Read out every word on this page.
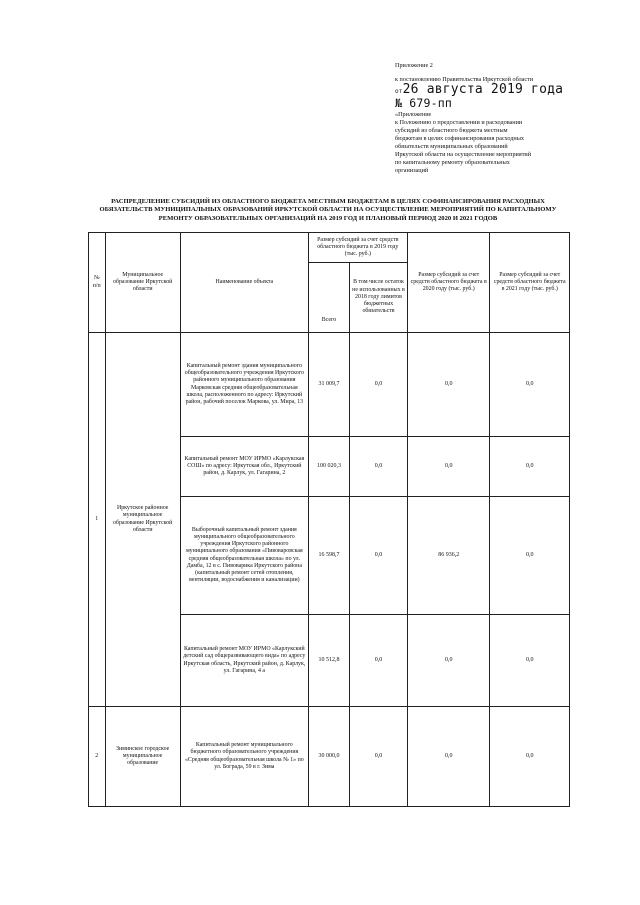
Приложение 2
к постановлению Правительства Иркутской области
от26 августа 2019 года
№ 679-пп
«Приложение
к Положению о предоставлении и расходовании
субсидий из областного бюджета местным
бюджетам в целях софинансирования расходных
обязательств муниципальных образований
Иркутской области на осуществление мероприятий
по капитальному ремонту образовательных
организаций
РАСПРЕДЕЛЕНИЕ СУБСИДИЙ ИЗ ОБЛАСТНОГО БЮДЖЕТА МЕСТНЫМ БЮДЖЕТАМ В ЦЕЛЯХ СОФИНАНСИРОВАНИЯ РАСХОДНЫХ
ОБЯЗАТЕЛЬСТВ МУНИЦИПАЛЬНЫХ ОБРАЗОВАНИЙ ИРКУТСКОЙ ОБЛАСТИ НА ОСУЩЕСТВЛЕНИЕ МЕРОПРИЯТИЙ ПО КАПИТАЛЬНОМУ
РЕМОНТУ ОБРАЗОВАТЕЛЬНЫХ ОРГАНИЗАЦИЙ НА 2019 ГОД И ПЛАНОВЫЙ ПЕРИОД 2020 И 2021 ГОДОВ
№ п/п	Муниципальное образование Иркутской области	Наименование объекта	Размер субсидий за счет средств областного бюджета в 2019 году (тыс. руб.)		Размер субсидий за счет средств областного бюджета в 2020 году (тыс. руб.)	Размер субсидий за счет средств областного бюджета в 2021 году (тыс. руб.)
			Всего	В том числе остаток не использованных в 2018 году лимитов бюджетных обязательств		
1	Иркутское районное муниципальное образование Иркутской области	Капитальный ремонт здания муниципального общеобразовательного учреждения Иркутского районного муниципального образования Марковская средняя общеобразовательная школа, расположенного по адресу: Иркутский район, рабочий поселок Маркова, ул. Мира, 13	31 009,7	0,0	0,0	0,0
		Капитальный ремонт МОУ ИРМО «Карлукская СОШ» по адресу: Иркутская обл., Иркутский район, д. Карлук, ул. Гагарина, 2	100 020,3	0,0	0,0	0,0
		Выборочный капитальный ремонт здания муниципального общеобразовательного учреждения Иркутского районного муниципального образования «Пивоваровская средняя общеобразовательная школа» по ул. Дамба, 12 в с. Пивоварика Иркутского района (капитальный ремонт сетей отопления, вентиляции, водоснабжения и канализации)	16 598,7	0,0	86 936,2	0,0
		Капитальный ремонт МОУ ИРМО «Карлукский детский сад общеразвивающего вида» по адресу Иркутская область, Иркутский район, д. Карлук, ул. Гагарина, 4 а	10 512,8	0,0	0,0	0,0
2	Зиминское городское муниципальное образование	Капитальный ремонт муниципального бюджетного образовательного учреждения «Средняя общеобразовательная школа № 1» по ул. Бограда, 59 в г. Зима	30 000,0	0,0	0,0	0,0
